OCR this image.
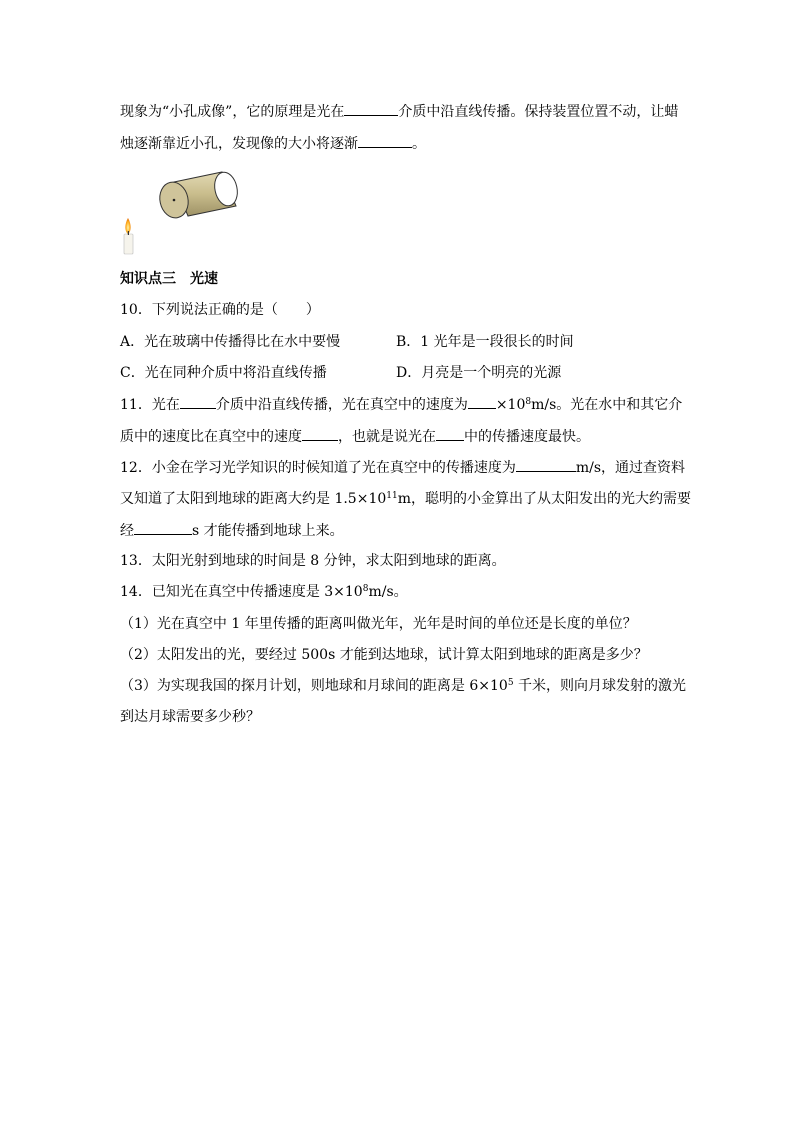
现象为“小孔成像”，它的原理是光在	介质中沿直线传播。保持装置位置不动，让蜡
烛逐渐靠近小孔，发现像的大小将逐渐	。
知识点三　光速
10．下列说法正确的是（　　）
A．光在玻璃中传播得比在水中要慢	B．1 光年是一段很长的时间
C．光在同种介质中将沿直线传播	D．月亮是一个明亮的光源
11．光在	介质中沿直线传播，光在真空中的速度为 $\times 10^8m/s$。光在水中和其它介
质中的速度比在真空中的速度	，也就是说光在 中的传播速度最快。
12．小金在学习光学知识的时候知道了光在真空中的传播速度为	m/s，通过查资料
又知道了太阳到地球的距离大约是 $1.5\times 10^{11}m$，聪明的小金算出了从太阳发出的光大约需要
经	s 才能传播到地球上来。
13．太阳光射到地球的时间是 8 分钟，求太阳到地球的距离。
14．已知光在真空中传播速度是 $3\times 10^8m/s$。
（1）光在真空中 1 年里传播的距离叫做光年，光年是时间的单位还是长度的单位？
（2）太阳发出的光，要经过 500s 才能到达地球，试计算太阳到地球的距离是多少？
（3）为实现我国的探月计划，则地球和月球间的距离是 $6\times 10^5$ 千米，则向月球发射的激光
到达月球需要多少秒？
